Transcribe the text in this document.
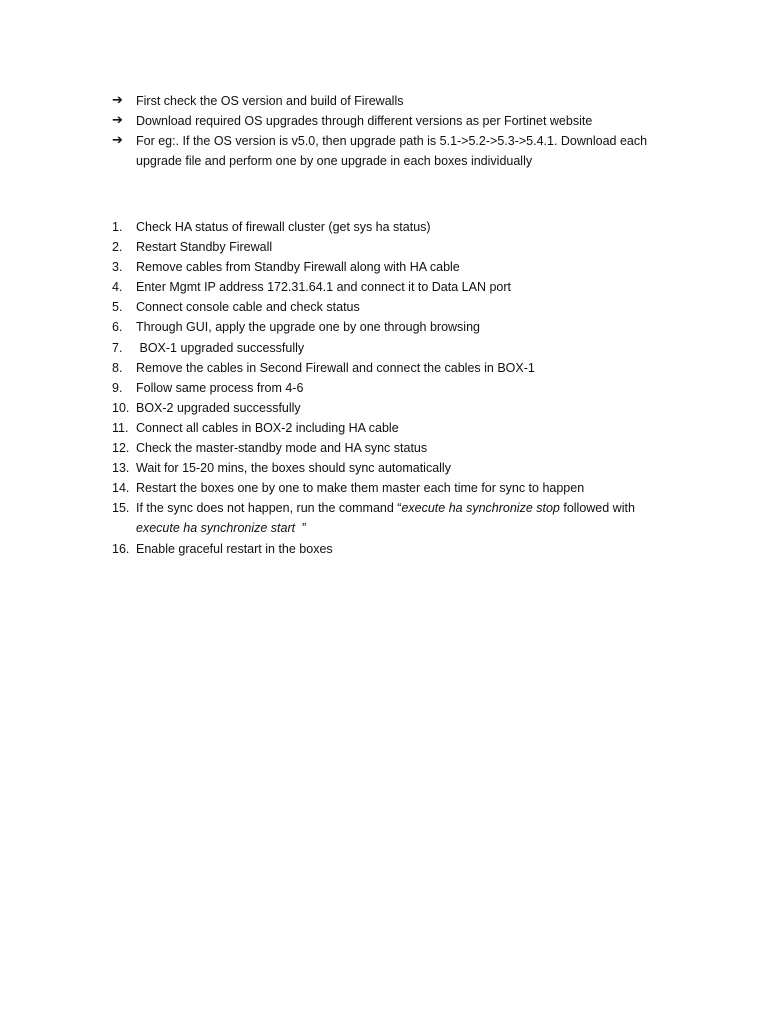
➔	First check the OS version and build of Firewalls
➔	Download required OS upgrades through different versions as per Fortinet website
➔	For eg:. If the OS version is v5.0, then upgrade path is 5.1->5.2->5.3->5.4.1. Download each upgrade file and perform one by one upgrade in each boxes individually
1.	Check HA status of firewall cluster (get sys ha status)
2.	Restart Standby Firewall
3.	Remove cables from Standby Firewall along with HA cable
4.	Enter Mgmt IP address 172.31.64.1 and connect it to Data LAN port
5.	Connect console cable and check status
6.	Through GUI, apply the upgrade one by one through browsing
7.	BOX-1 upgraded successfully
8.	Remove the cables in Second Firewall and connect the cables in BOX-1
9.	Follow same process from 4-6
10. BOX-2 upgraded successfully
11. Connect all cables in BOX-2 including HA cable
12. Check the master-standby mode and HA sync status
13. Wait for 15-20 mins, the boxes should sync automatically
14. Restart the boxes one by one to make them master each time for sync to happen
15. If the sync does not happen, run the command “execute ha synchronize stop followed with execute ha synchronize start  ”
16. Enable graceful restart in the boxes
